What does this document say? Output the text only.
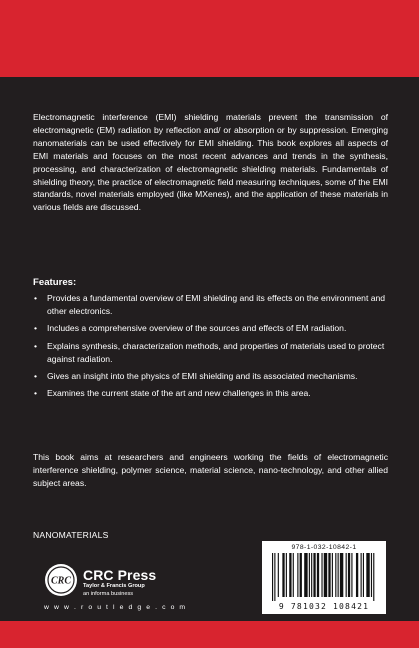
Electromagnetic interference (EMI) shielding materials prevent the transmission of electromagnetic (EM) radiation by reflection and/ or absorption or by suppression. Emerging nanomaterials can be used effectively for EMI shielding. This book explores all aspects of EMI materials and focuses on the most recent advances and trends in the synthesis, processing, and characterization of electromagnetic shielding materials. Fundamentals of shielding theory, the practice of electromagnetic field measuring techniques, some of the EMI standards, novel materials employed (like MXenes), and the application of these materials in various fields are discussed.
Features:
• Provides a fundamental overview of EMI shielding and its effects on the environment and other electronics.
• Includes a comprehensive overview of the sources and effects of EM radiation.
• Explains synthesis, characterization methods, and properties of materials used to protect against radiation.
• Gives an insight into the physics of EMI shielding and its associated mechanisms.
• Examines the current state of the art and new challenges in this area.
This book aims at researchers and engineers working the fields of electromagnetic interference shielding, polymer science, material science, nano-technology, and other allied subject areas.
NANOMATERIALS
CRC CRC Press
Taylor & Francis Group
an informa business
w w w . r o u t l e d g e . c o m
978-1-032-10842-1
9 781032 108421
